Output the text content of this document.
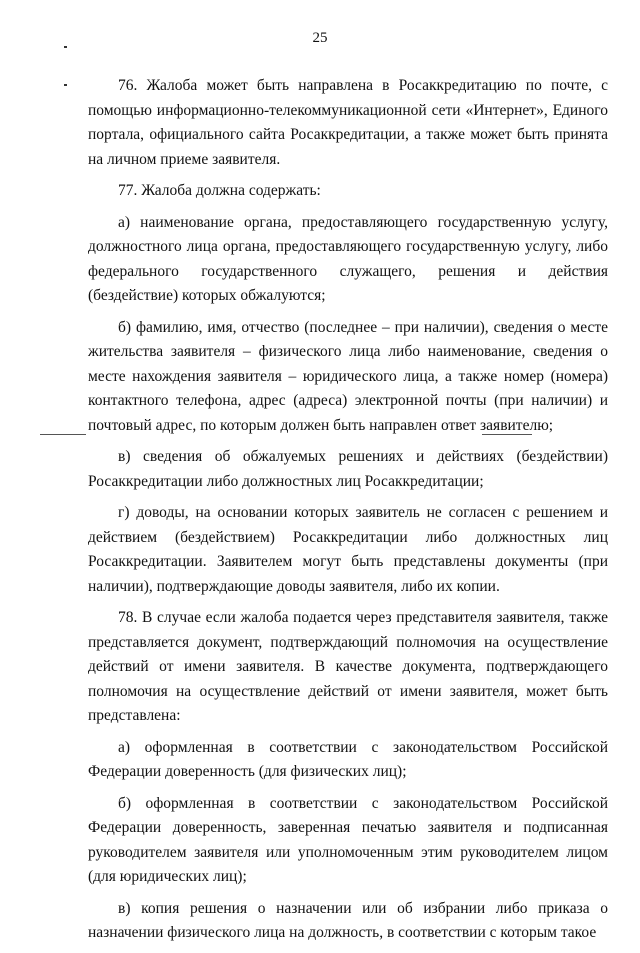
25

76. Жалоба может быть направлена в Росаккредитацию по почте, с помощью информационно-телекоммуникационной сети «Интернет», Единого портала, официального сайта Росаккредитации, а также может быть принята на личном приеме заявителя.

77. Жалоба должна содержать:

а) наименование органа, предоставляющего государственную услугу, должностного лица органа, предоставляющего государственную услугу, либо федерального государственного служащего, решения и действия (бездействие) которых обжалуются;

б) фамилию, имя, отчество (последнее – при наличии), сведения о месте жительства заявителя – физического лица либо наименование, сведения о месте нахождения заявителя – юридического лица, а также номер (номера) контактного телефона, адрес (адреса) электронной почты (при наличии) и почтовый адрес, по которым должен быть направлен ответ заявителю;

в) сведения об обжалуемых решениях и действиях (бездействии) Росаккредитации либо должностных лиц Росаккредитации;

г) доводы, на основании которых заявитель не согласен с решением и действием (бездействием) Росаккредитации либо должностных лиц Росаккредитации. Заявителем могут быть представлены документы (при наличии), подтверждающие доводы заявителя, либо их копии.

78. В случае если жалоба подается через представителя заявителя, также представляется документ, подтверждающий полномочия на осуществление действий от имени заявителя. В качестве документа, подтверждающего полномочия на осуществление действий от имени заявителя, может быть представлена:

а) оформленная в соответствии с законодательством Российской Федерации доверенность (для физических лиц);

б) оформленная в соответствии с законодательством Российской Федерации доверенность, заверенная печатью заявителя и подписанная руководителем заявителя или уполномоченным этим руководителем лицом (для юридических лиц);

в) копия решения о назначении или об избрании либо приказа о назначении физического лица на должность, в соответствии с которым такое
